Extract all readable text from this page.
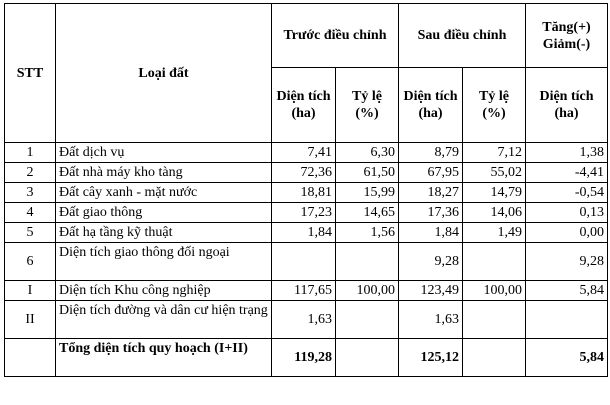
STT	Loại đất	Trước điều chỉnh		Sau điều chỉnh		Tăng(+) Giảm(-)
		Diện tích (ha)	Tỷ lệ (%)	Diện tích (ha)	Tỷ lệ (%)	Diện tích (ha)
1	Đất dịch vụ	7,41	6,30	8,79	7,12	1,38
2	Đất nhà máy kho tàng	72,36	61,50	67,95	55,02	-4,41
3	Đất cây xanh - mặt nước	18,81	15,99	18,27	14,79	-0,54
4	Đất giao thông	17,23	14,65	17,36	14,06	0,13
5	Đất hạ tầng kỹ thuật	1,84	1,56	1,84	1,49	0,00
6	Diện tích giao thông đối ngoại			9,28		9,28
I	Diện tích Khu công nghiệp	117,65	100,00	123,49	100,00	5,84
II	Diện tích đường và dân cư hiện trạng	1,63		1,63		
	Tổng diện tích quy hoạch (I+II)	119,28		125,12		5,84
